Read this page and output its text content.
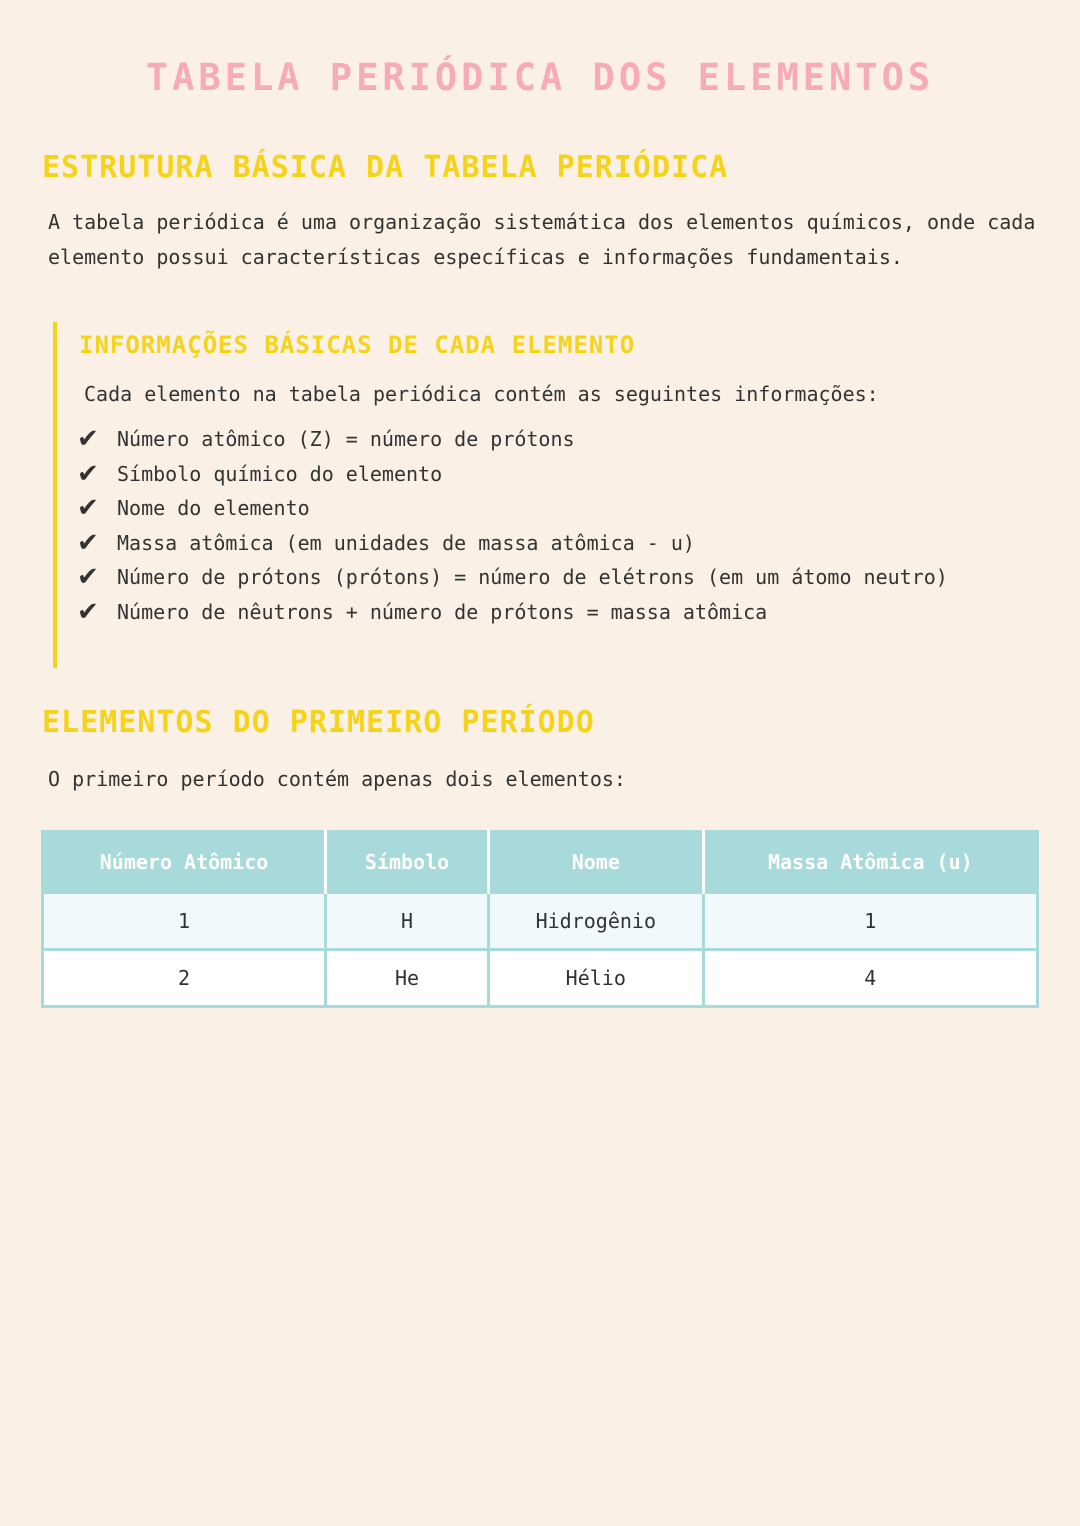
TABELA PERIÓDICA DOS ELEMENTOS
ESTRUTURA BÁSICA DA TABELA PERIÓDICA

A tabela periódica é uma organização sistemática dos elementos químicos, onde cada elemento possui características específicas e informações fundamentais.

INFORMAÇÕES BÁSICAS DE CADA ELEMENTO

Cada elemento na tabela periódica contém as seguintes informações:

✔ Número atômico (Z) = número de prótons
✔ Símbolo químico do elemento
✔ Nome do elemento
✔ Massa atômica (em unidades de massa atômica - u)
✔ Número de prótons (prótons) = número de elétrons (em um átomo neutro)
✔ Número de nêutrons + número de prótons = massa atômica
ELEMENTOS DO PRIMEIRO PERÍODO

O primeiro período contém apenas dois elementos:

Número Atômico	Símbolo	Nome	Massa Atômica (u)
1	H	Hidrogênio	1
2	He	Hélio	4
